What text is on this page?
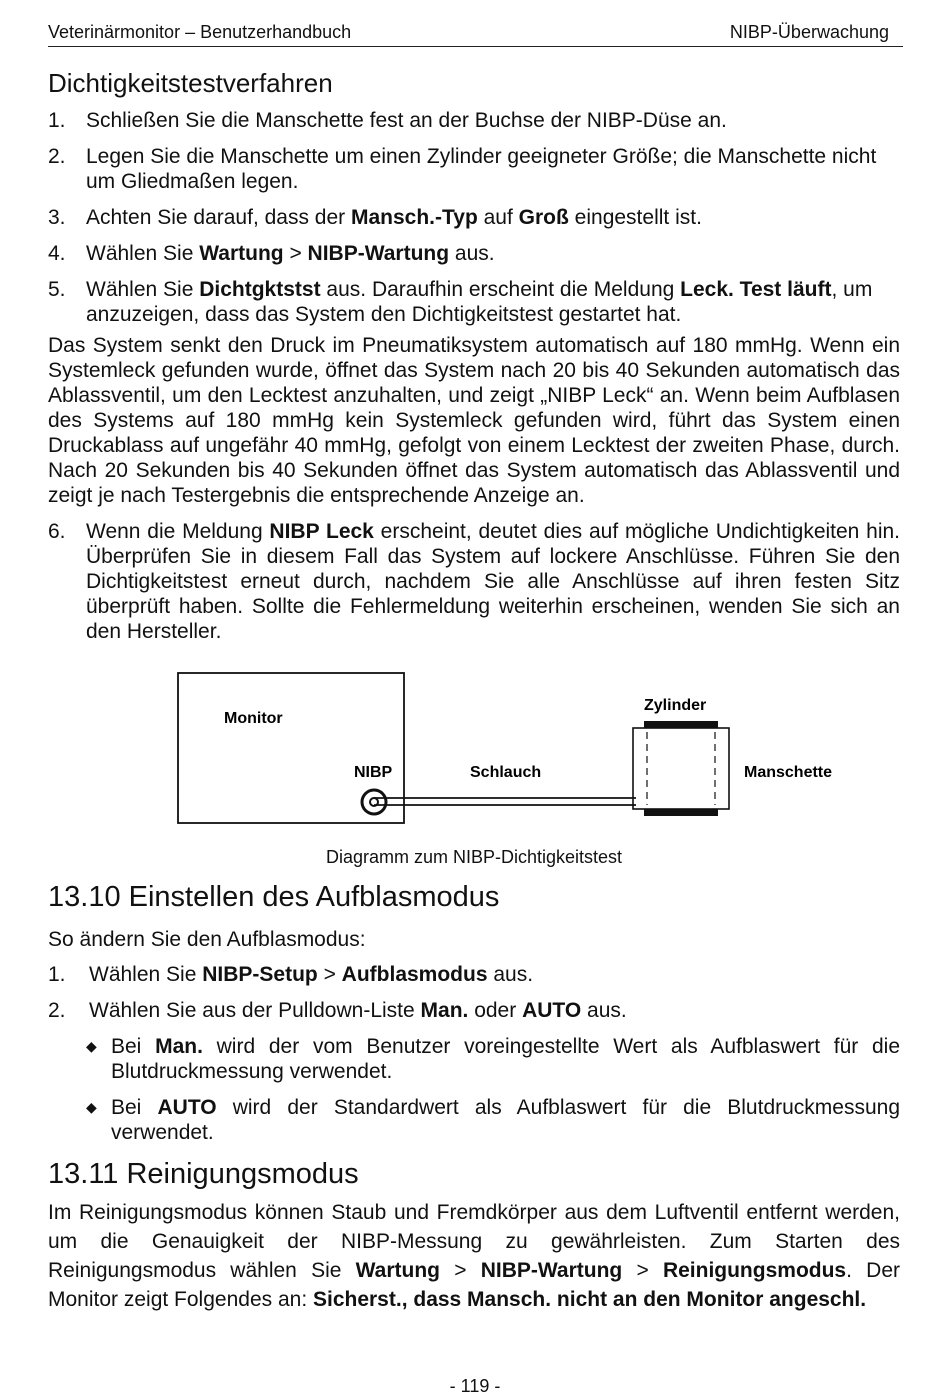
Veterinärmonitor – Benutzerhandbuch	NIBP-Überwachung
Dichtigkeitstestverfahren
1. Schließen Sie die Manschette fest an der Buchse der NIBP-Düse an.
2. Legen Sie die Manschette um einen Zylinder geeigneter Größe; die Manschette nicht um Gliedmaßen legen.
3. Achten Sie darauf, dass der Mansch.-Typ auf Groß eingestellt ist.
4. Wählen Sie Wartung > NIBP-Wartung aus.
5. Wählen Sie Dichtgktstst aus. Daraufhin erscheint die Meldung Leck. Test läuft, um anzuzeigen, dass das System den Dichtigkeitstest gestartet hat.

Das System senkt den Druck im Pneumatiksystem automatisch auf 180 mmHg. Wenn ein Systemleck gefunden wurde, öffnet das System nach 20 bis 40 Sekunden automatisch das Ablassventil, um den Lecktest anzuhalten, und zeigt „NIBP Leck“ an. Wenn beim Aufblasen des Systems auf 180 mmHg kein Systemleck gefunden wird, führt das System einen Druckablass auf ungefähr 40 mmHg, gefolgt von einem Lecktest der zweiten Phase, durch. Nach 20 Sekunden bis 40 Sekunden öffnet das System automatisch das Ablassventil und zeigt je nach Testergebnis die entsprechende Anzeige an.

6. Wenn die Meldung NIBP Leck erscheint, deutet dies auf mögliche Undichtigkeiten hin. Überprüfen Sie in diesem Fall das System auf lockere Anschlüsse. Führen Sie den Dichtigkeitstest erneut durch, nachdem Sie alle Anschlüsse auf ihren festen Sitz überprüft haben. Sollte die Fehlermeldung weiterhin erscheinen, wenden Sie sich an den Hersteller.
Monitor
NIBP	Schlauch
Zylinder
Manschette
Diagramm zum NIBP-Dichtigkeitstest
13.10 Einstellen des Aufblasmodus

So ändern Sie den Aufblasmodus:

1. Wählen Sie NIBP-Setup > Aufblasmodus aus.
2. Wählen Sie aus der Pulldown-Liste Man. oder AUTO aus.
◆ Bei Man. wird der vom Benutzer voreingestellte Wert als Aufblaswert für die Blutdruckmessung verwendet.
◆ Bei AUTO wird der Standardwert als Aufblaswert für die Blutdruckmessung verwendet.
13.11 Reinigungsmodus

Im Reinigungsmodus können Staub und Fremdkörper aus dem Luftventil entfernt werden, um die Genauigkeit der NIBP-Messung zu gewährleisten. Zum Starten des Reinigungsmodus wählen Sie Wartung > NIBP-Wartung > Reinigungsmodus. Der Monitor zeigt Folgendes an: Sicherst., dass Mansch. nicht an den Monitor angeschl.

- 119 -
